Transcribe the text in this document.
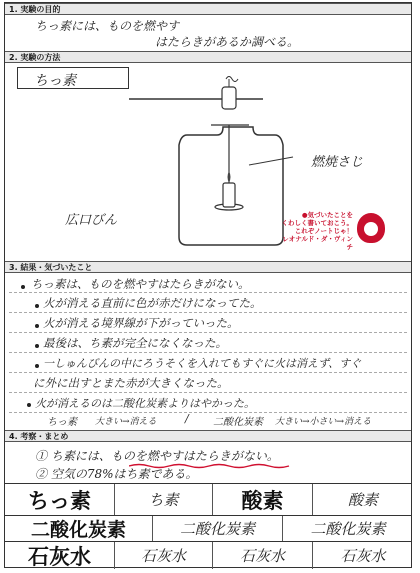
1. 実験の目的
ちっ素には、ものを燃やす
はたらきがあるか調べる。
2. 実験の方法
ちっ素
燃焼さじ
広口びん	●気づいたことを
くわしく書いておこう。
これぞノートじゃ！
レオナルド・ダ・ヴィンチ
3. 結果・気づいたこと
ちっ素は、ものを燃やすはたらきがない。
火が消える直前に色が赤だけになってた。
火が消える境界線が下がっていった。
最後は、ち素が完全になくなった。
一しゅんびんの中にろうそくを入れてもすぐに火は消えず、すぐ
に外に出すとまた赤が大きくなった。
火が消えるのは二酸化炭素よりはやかった。
ちっ素 大きい→消える	/ 二酸化炭素 大きい→小さい→消える
4. 考察・まとめ
① ち素には、ものを燃やすはたらきがない。
② 空気の78%はち素である。
ちっ素	ち素	酸素	酸素
二酸化炭素	二酸化炭素	二酸化炭素
石灰水	石灰水	石灰水	石灰水
